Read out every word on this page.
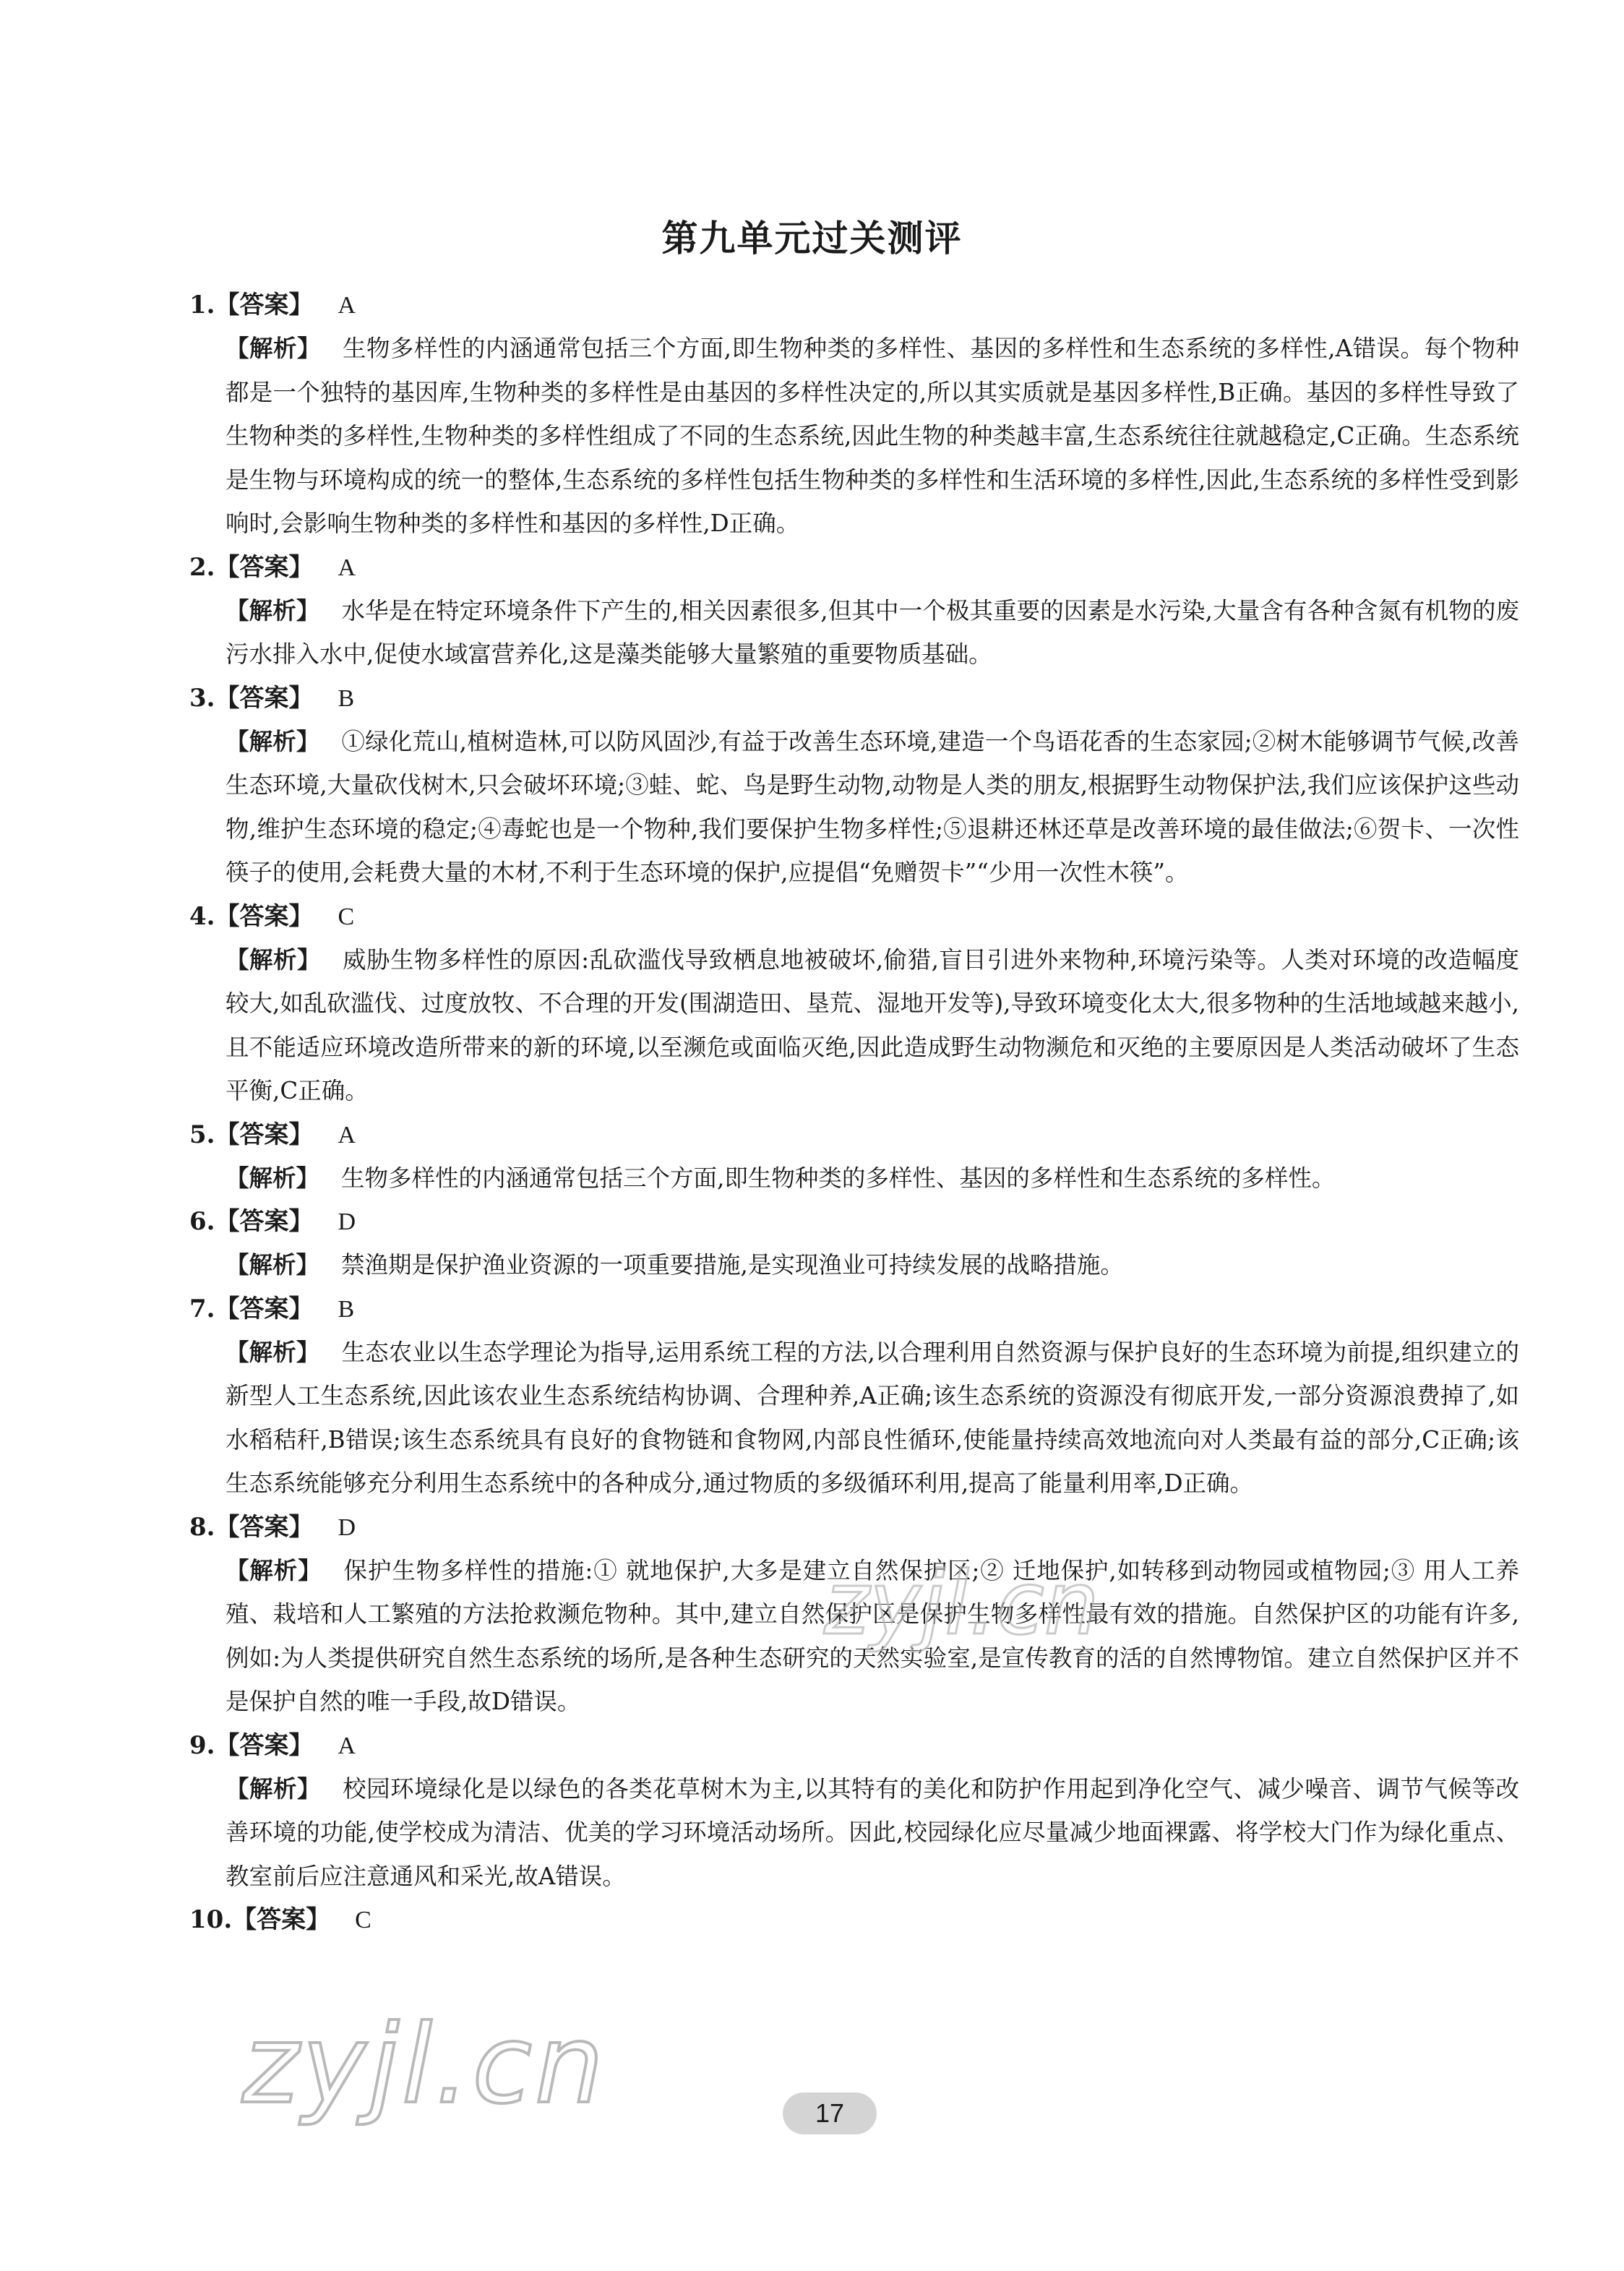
第九单元过关测评
1. 【答案】 A
【解析】 生物多样性的内涵通常包括三个方面,即生物种类的多样性、基因的多样性和生态系统的多样性,A错误。每个物种都是一个独特的基因库,生物种类的多样性是由基因的多样性决定的,所以其实质就是基因多样性,B正确。基因的多样性导致了生物种类的多样性,生物种类的多样性组成了不同的生态系统,因此生物的种类越丰富,生态系统往往就越稳定,C正确。生态系统是生物与环境构成的统一的整体,生态系统的多样性包括生物种类的多样性和生活环境的多样性,因此,生态系统的多样性受到影响时,会影响生物种类的多样性和基因的多样性,D正确。
2. 【答案】 A
【解析】 水华是在特定环境条件下产生的,相关因素很多,但其中一个极其重要的因素是水污染,大量含有各种含氮有机物的废污水排入水中,促使水域富营养化,这是藻类能够大量繁殖的重要物质基础。
3. 【答案】 B
【解析】 ①绿化荒山,植树造林,可以防风固沙,有益于改善生态环境,建造一个鸟语花香的生态家园;②树木能够调节气候,改善生态环境,大量砍伐树木,只会破坏环境;③蛙、蛇、鸟是野生动物,动物是人类的朋友,根据野生动物保护法,我们应该保护这些动物,维护生态环境的稳定;④毒蛇也是一个物种,我们要保护生物多样性;⑤退耕还林还草是改善环境的最佳做法;⑥贺卡、一次性筷子的使用,会耗费大量的木材,不利于生态环境的保护,应提倡“免赠贺卡”“少用一次性木筷”。
4. 【答案】 C
【解析】 威胁生物多样性的原因:乱砍滥伐导致栖息地被破坏,偷猎,盲目引进外来物种,环境污染等。人类对环境的改造幅度较大,如乱砍滥伐、过度放牧、不合理的开发(围湖造田、垦荒、湿地开发等),导致环境变化太大,很多物种的生活地域越来越小,且不能适应环境改造所带来的新的环境,以至濒危或面临灭绝,因此造成野生动物濒危和灭绝的主要原因是人类活动破坏了生态平衡,C正确。
5. 【答案】 A
【解析】 生物多样性的内涵通常包括三个方面,即生物种类的多样性、基因的多样性和生态系统的多样性。
6. 【答案】 D
【解析】 禁渔期是保护渔业资源的一项重要措施,是实现渔业可持续发展的战略措施。
7. 【答案】 B
【解析】 生态农业以生态学理论为指导,运用系统工程的方法,以合理利用自然资源与保护良好的生态环境为前提,组织建立的新型人工生态系统,因此该农业生态系统结构协调、合理种养,A正确;该生态系统的资源没有彻底开发,一部分资源浪费掉了,如水稻秸秆,B错误;该生态系统具有良好的食物链和食物网,内部良性循环,使能量持续高效地流向对人类最有益的部分,C正确;该生态系统能够充分利用生态系统中的各种成分,通过物质的多级循环利用,提高了能量利用率,D正确。
8. 【答案】 D
【解析】 保护生物多样性的措施:① 就地保护,大多是建立自然保护区;② 迁地保护,如转移到动物园或植物园;③ 用人工养殖、栽培和人工繁殖的方法抢救濒危物种。其中,建立自然保护区是保护生物多样性最有效的措施。自然保护区的功能有许多,例如:为人类提供研究自然生态系统的场所,是各种生态研究的天然实验室,是宣传教育的活的自然博物馆。建立自然保护区并不是保护自然的唯一手段,故D错误。
9. 【答案】 A
【解析】 校园环境绿化是以绿色的各类花草树木为主,以其特有的美化和防护作用起到净化空气、减少噪音、调节气候等改善环境的功能,使学校成为清洁、优美的学习环境活动场所。因此,校园绿化应尽量减少地面裸露、将学校大门作为绿化重点、教室前后应注意通风和采光,故A错误。
10. 【答案】 C
zyjl.cn
zyjl.cn
17
